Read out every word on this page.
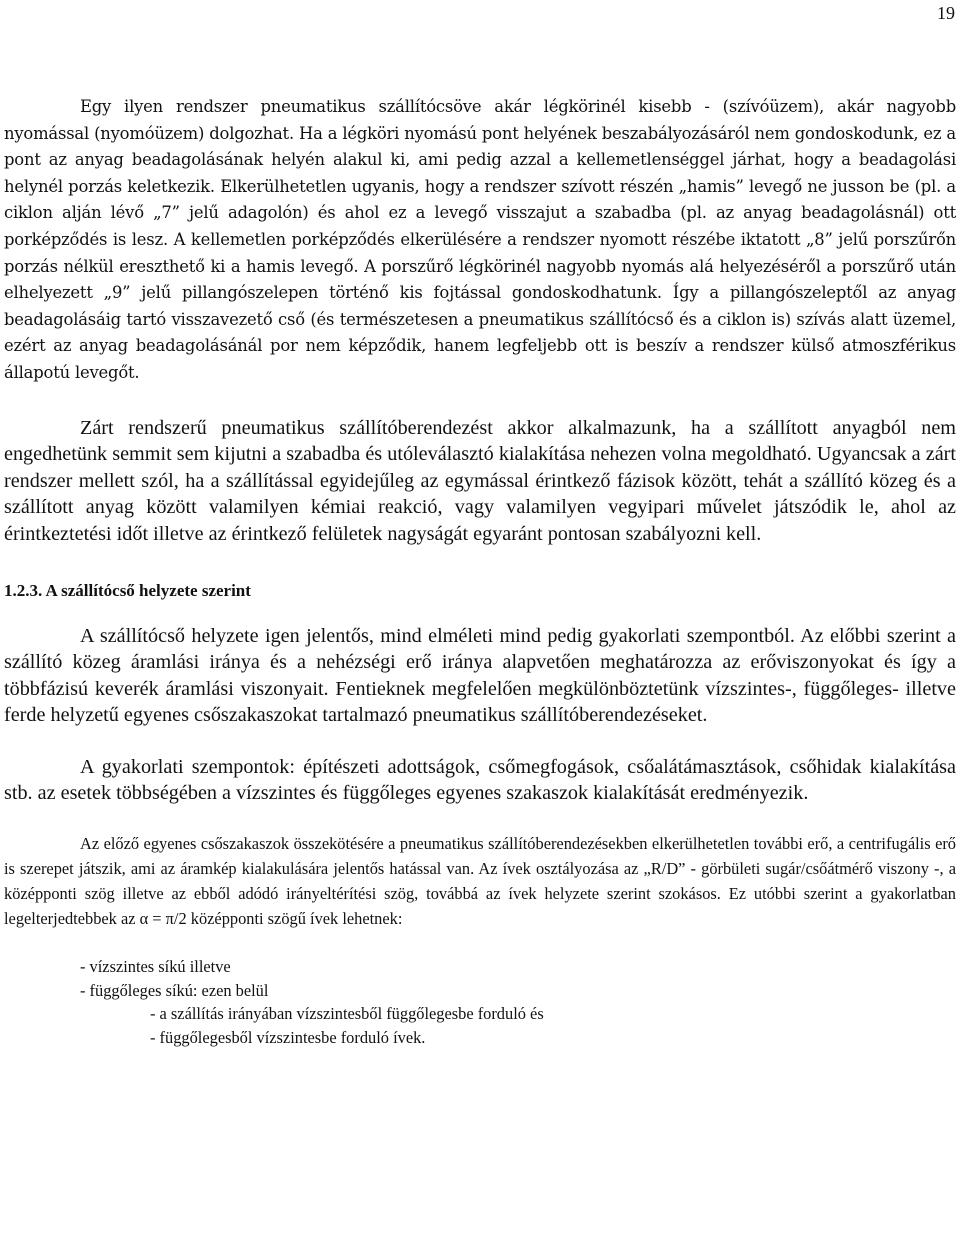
19

Egy ilyen rendszer pneumatikus szállítócsöve akár légkörinél kisebb - (szívóüzem), akár nagyobb nyomással (nyomóüzem) dolgozhat. Ha a légköri nyomású pont helyének beszabályozásáról nem gondoskodunk, ez a pont az anyag beadagolásának helyén alakul ki, ami pedig azzal a kellemetlenséggel járhat, hogy a beadagolási helynél porzás keletkezik. Elkerülhetetlen ugyanis, hogy a rendszer szívott részén „hamis” levegő ne jusson be (pl. a ciklon alján lévő „7” jelű adagolón) és ahol ez a levegő visszajut a szabadba (pl. az anyag beadagolásnál) ott porképződés is lesz. A kellemetlen porképződés elkerülésére a rendszer nyomott részébe iktatott „8” jelű porszűrőn porzás nélkül ereszthető ki a hamis levegő. A porszűrő légkörinél nagyobb nyomás alá helyezéséről a porszűrő után elhelyezett „9” jelű pillangószelepen történő kis fojtással gondoskodhatunk. Így a pillangószeleptől az anyag beadagolásáig tartó visszavezető cső (és természetesen a pneumatikus szállítócső és a ciklon is) szívás alatt üzemel, ezért az anyag beadagolásánál por nem képződik, hanem legfeljebb ott is beszív a rendszer külső atmoszférikus állapotú levegőt.

Zárt rendszerű pneumatikus szállítóberendezést akkor alkalmazunk, ha a szállított anyagból nem engedhetünk semmit sem kijutni a szabadba és utóleválasztó kialakítása nehezen volna megoldható. Ugyancsak a zárt rendszer mellett szól, ha a szállítással egyidejűleg az egymással érintkező fázisok között, tehát a szállító közeg és a szállított anyag között valamilyen kémiai reakció, vagy valamilyen vegyipari művelet játszódik le, ahol az érintkeztetési időt illetve az érintkező felületek nagyságát egyaránt pontosan szabályozni kell.

1.2.3. A szállítócső helyzete szerint

A szállítócső helyzete igen jelentős, mind elméleti mind pedig gyakorlati szempontból. Az előbbi szerint a szállító közeg áramlási iránya és a nehézségi erő iránya alapvetően meghatározza az erőviszonyokat és így a többfázisú keverék áramlási viszonyait. Fentieknek megfelelően megkülönböztetünk vízszintes-, függőleges- illetve ferde helyzetű egyenes csőszakaszokat tartalmazó pneumatikus szállítóberendezéseket.

A gyakorlati szempontok: építészeti adottságok, csőmegfogások, csőalátámasztások, csőhidak kialakítása stb. az esetek többségében a vízszintes és függőleges egyenes szakaszok kialakítását eredményezik.

Az előző egyenes csőszakaszok összekötésére a pneumatikus szállítóberendezésekben elkerülhetetlen további erő, a centrifugális erő is szerepet játszik, ami az áramkép kialakulására jelentős hatással van. Az ívek osztályozása az „R/D” - görbületi sugár/csőátmérő viszony -, a középponti szög illetve az ebből adódó irányeltérítési szög, továbbá az ívek helyzete szerint szokásos. Ez utóbbi szerint a gyakorlatban legelterjedtebbek az α = π/2 középponti szögű ívek lehetnek:

- vízszintes síkú illetve
- függőleges síkú: ezen belül
- a szállítás irányában vízszintesből függőlegesbe forduló és
- függőlegesből vízszintesbe forduló ívek.
